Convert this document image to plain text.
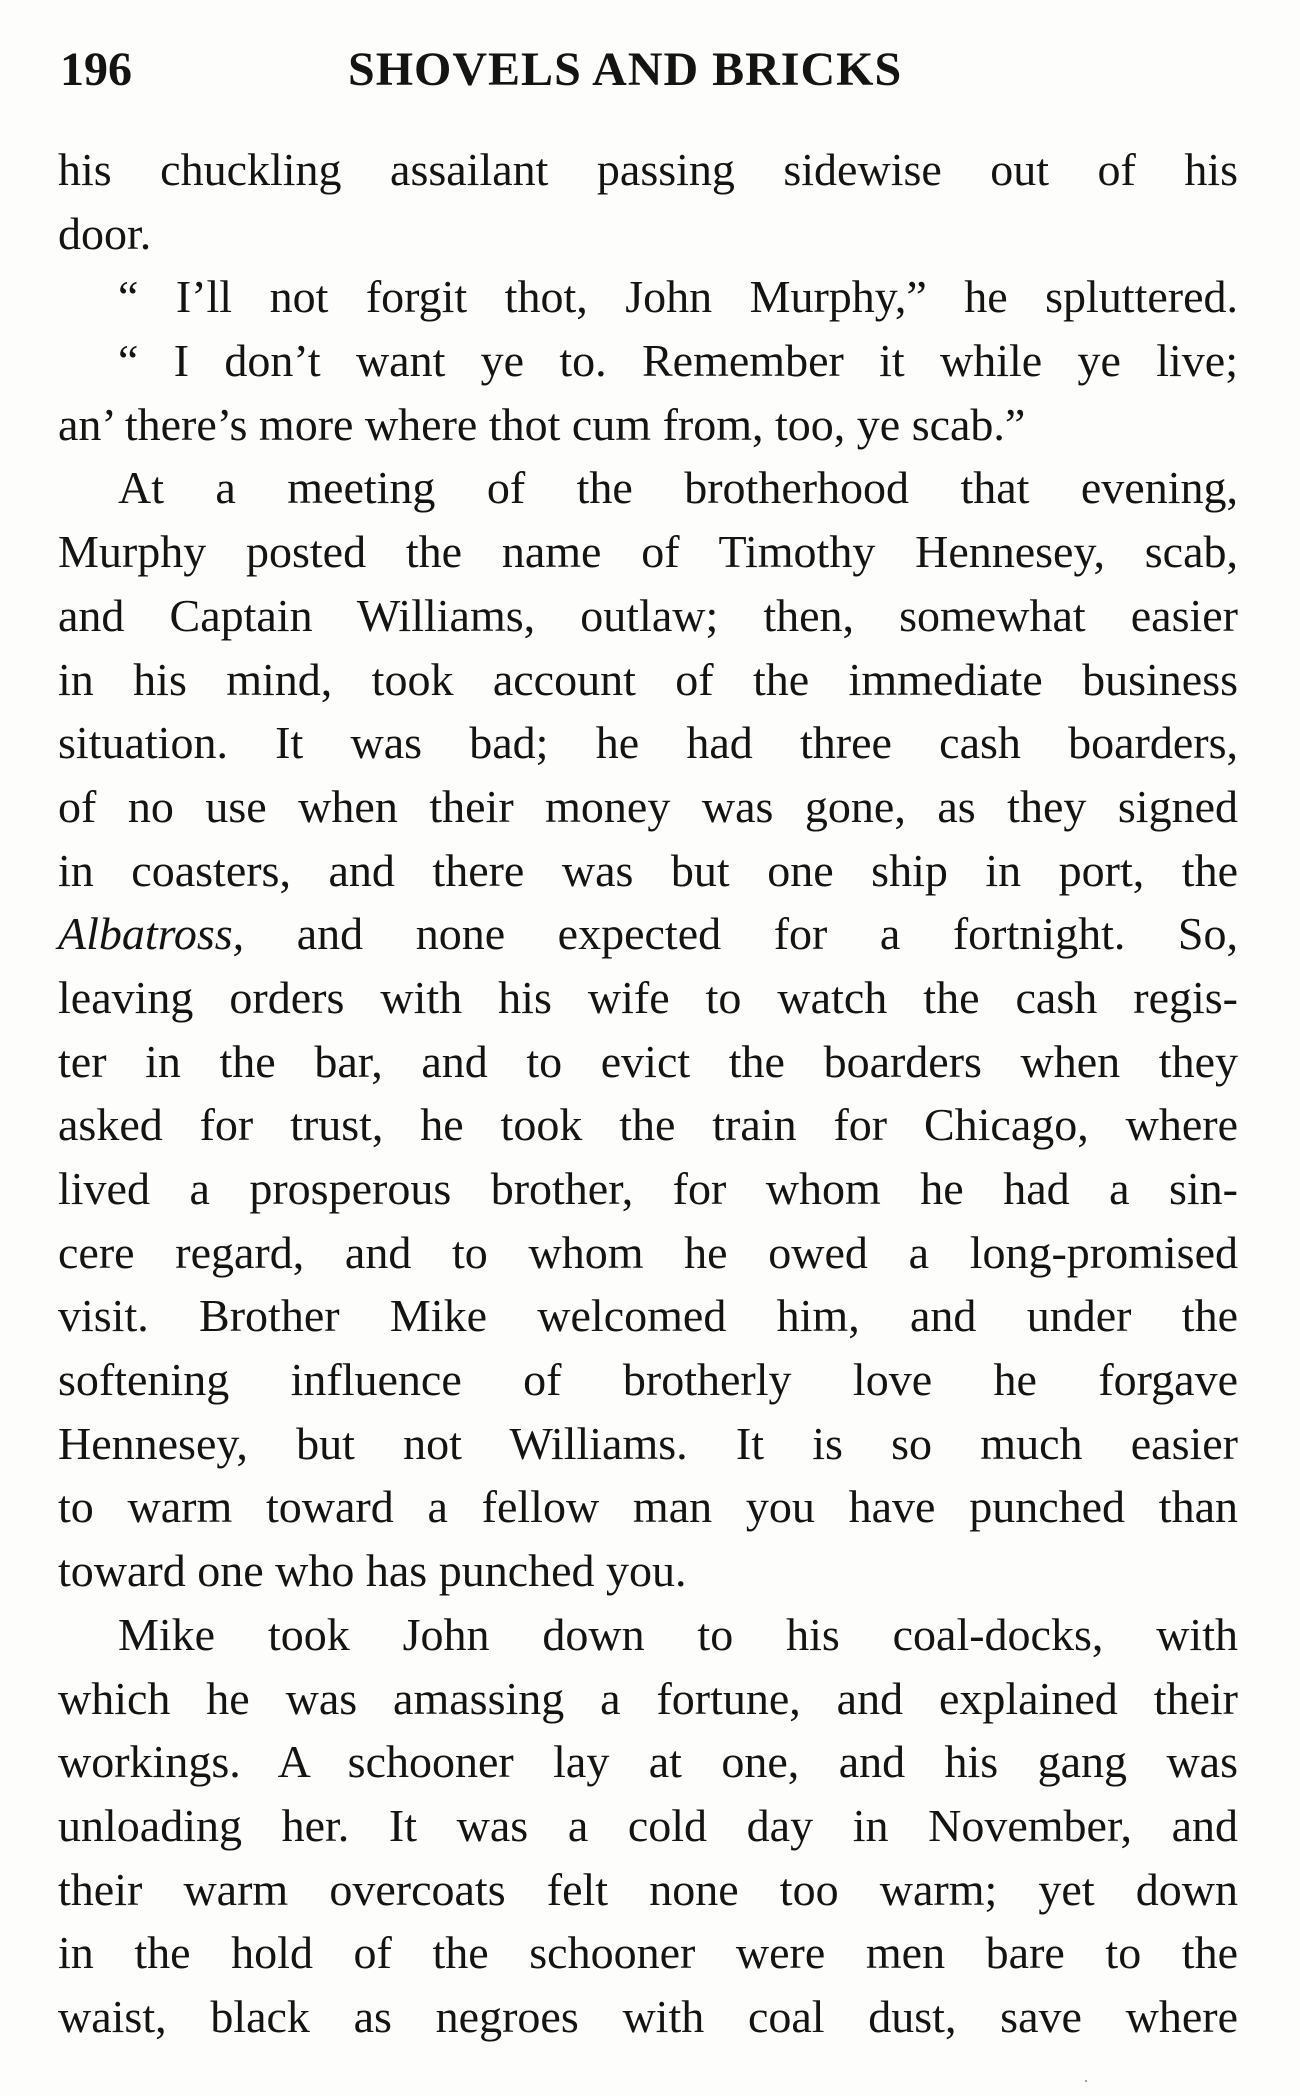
196	SHOVELS AND BRICKS
his chuckling assailant passing sidewise out of his
door.
“ I’ll not forgit thot, John Murphy,” he spluttered.
“ I don’t want ye to. Remember it while ye live;
an’ there’s more where thot cum from, too, ye scab.”
At a meeting of the brotherhood that evening,
Murphy posted the name of Timothy Hennesey, scab,
and Captain Williams, outlaw; then, somewhat easier
in his mind, took account of the immediate business
situation. It was bad; he had three cash boarders,
of no use when their money was gone, as they signed
in coasters, and there was but one ship in port, the
Albatross, and none expected for a fortnight. So,
leaving orders with his wife to watch the cash regis-
ter in the bar, and to evict the boarders when they
asked for trust, he took the train for Chicago, where
lived a prosperous brother, for whom he had a sin-
cere regard, and to whom he owed a long-promised
visit. Brother Mike welcomed him, and under the
softening influence of brotherly love he forgave
Hennesey, but not Williams. It is so much easier
to warm toward a fellow man you have punched than
toward one who has punched you.
Mike took John down to his coal-docks, with
which he was amassing a fortune, and explained their
workings. A schooner lay at one, and his gang was
unloading her. It was a cold day in November, and
their warm overcoats felt none too warm; yet down
in the hold of the schooner were men bare to the
waist, black as negroes with coal dust, save where
